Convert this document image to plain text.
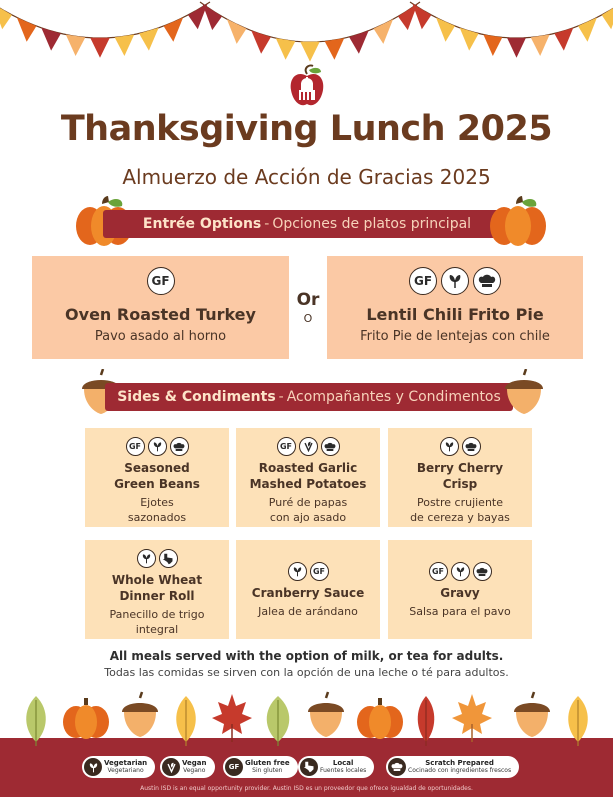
Thanksgiving Lunch 2025
Almuerzo de Acción de Gracias 2025
Entrée Options - Opciones de platos principal
GF
Oven Roasted Turkey
Pavo asado al horno
Or
O
GF
Lentil Chili Frito Pie
Frito Pie de lentejas con chile
Sides & Condiments - Acompañantes y Condimentos
GF
Seasoned
Green Beans
Ejotes
sazonados
GF
Roasted Garlic
Mashed Potatoes
Puré de papas
con ajo asado
Berry Cherry
Crisp
Postre crujiente
de cereza y bayas
Whole Wheat
Dinner Roll
Panecillo de trigo
integral
GF
Cranberry Sauce
Jalea de arándano
GF
Gravy
Salsa para el pavo
All meals served with the option of milk, or tea for adults.
Todas las comidas se sirven con la opción de una leche o té para adultos.
Vegetarian
Vegetariano
Vegan
Vegano	GF Gluten free
Sin gluten
Local
Fuentes locales
Scratch Prepared
Cocinado con ingredientes frescos
Austin ISD is an equal opportunity provider. Austin ISD es un proveedor que ofrece igualdad de oportunidades.
